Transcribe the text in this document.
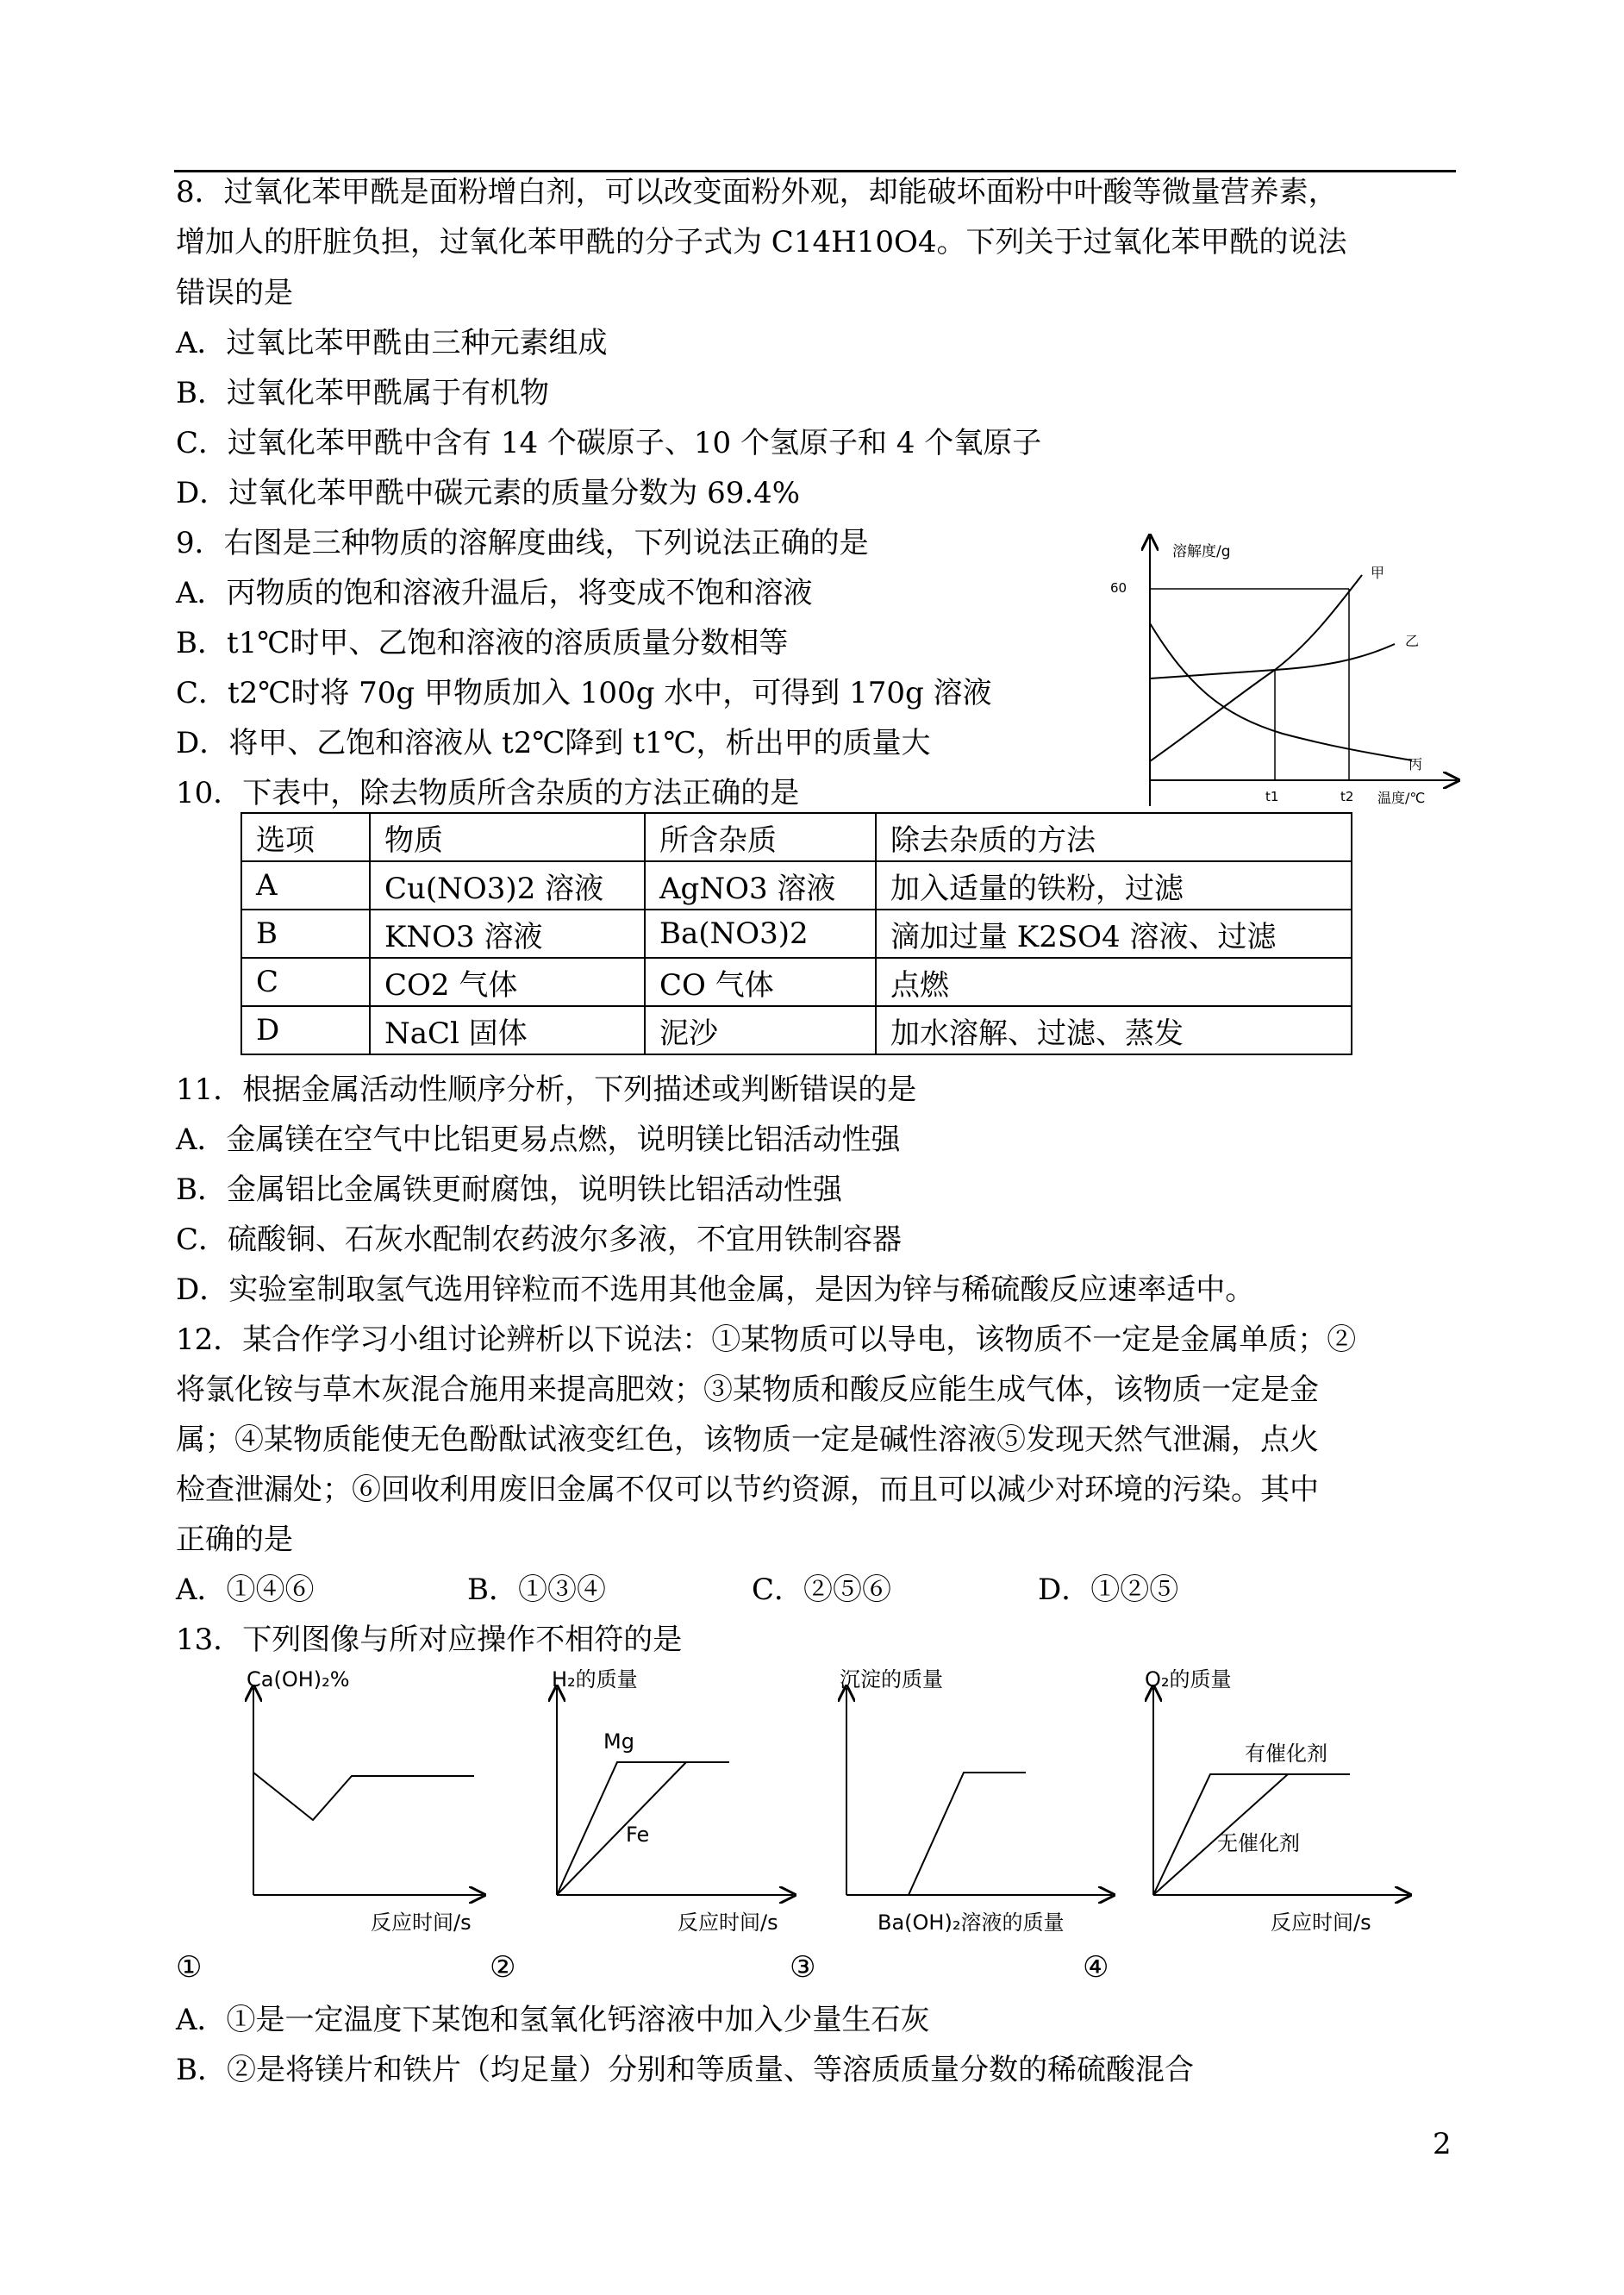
8．过氧化苯甲酰是面粉增白剂，可以改变面粉外观，却能破坏面粉中叶酸等微量营养素，
增加人的肝脏负担，过氧化苯甲酰的分子式为 C14H10O4。下列关于过氧化苯甲酰的说法
错误的是
A．过氧比苯甲酰由三种元素组成
B．过氧化苯甲酰属于有机物
C．过氧化苯甲酰中含有 14 个碳原子、10 个氢原子和 4 个氧原子
D．过氧化苯甲酰中碳元素的质量分数为 69.4%
9．右图是三种物质的溶解度曲线，下列说法正确的是
A．丙物质的饱和溶液升温后，将变成不饱和溶液
B．t1℃时甲、乙饱和溶液的溶质质量分数相等
C．t2℃时将 70g 甲物质加入 100g 水中，可得到 170g 溶液
D．将甲、乙饱和溶液从 t2℃降到 t1℃，析出甲的质量大
溶解度/g
60
甲
乙
丙
t1	t2 温度/℃
10．下表中，除去物质所含杂质的方法正确的是
选项	物质	所含杂质	除去杂质的方法
A	Cu(NO3)2 溶液	AgNO3 溶液	加入适量的铁粉，过滤
B	KNO3 溶液	Ba(NO3)2	滴加过量 K2SO4 溶液、过滤
C	CO2 气体	CO 气体	点燃
D	NaCl 固体	泥沙	加水溶解、过滤、蒸发
11．根据金属活动性顺序分析，下列描述或判断错误的是
A．金属镁在空气中比铝更易点燃，说明镁比铝活动性强
B．金属铝比金属铁更耐腐蚀，说明铁比铝活动性强
C．硫酸铜、石灰水配制农药波尔多液，不宜用铁制容器
D．实验室制取氢气选用锌粒而不选用其他金属，是因为锌与稀硫酸反应速率适中。
12．某合作学习小组讨论辨析以下说法：①某物质可以导电，该物质不一定是金属单质；②
将氯化铵与草木灰混合施用来提高肥效；③某物质和酸反应能生成气体，该物质一定是金
属；④某物质能使无色酚酞试液变红色，该物质一定是碱性溶液⑤发现天然气泄漏，点火
检查泄漏处；⑥回收利用废旧金属不仅可以节约资源，而且可以减少对环境的污染。其中
正确的是
A．①④⑥	B．①③④	C．②⑤⑥	D．①②⑤
13．下列图像与所对应操作不相符的是
Ca(OH)₂%
反应时间/s
H₂的质量
Mg
Fe
反应时间/s
沉淀的质量
Ba(OH)₂溶液的质量
O₂的质量
有催化剂
无催化剂
反应时间/s
①	②	③	④
A．①是一定温度下某饱和氢氧化钙溶液中加入少量生石灰
B．②是将镁片和铁片（均足量）分别和等质量、等溶质质量分数的稀硫酸混合
2
